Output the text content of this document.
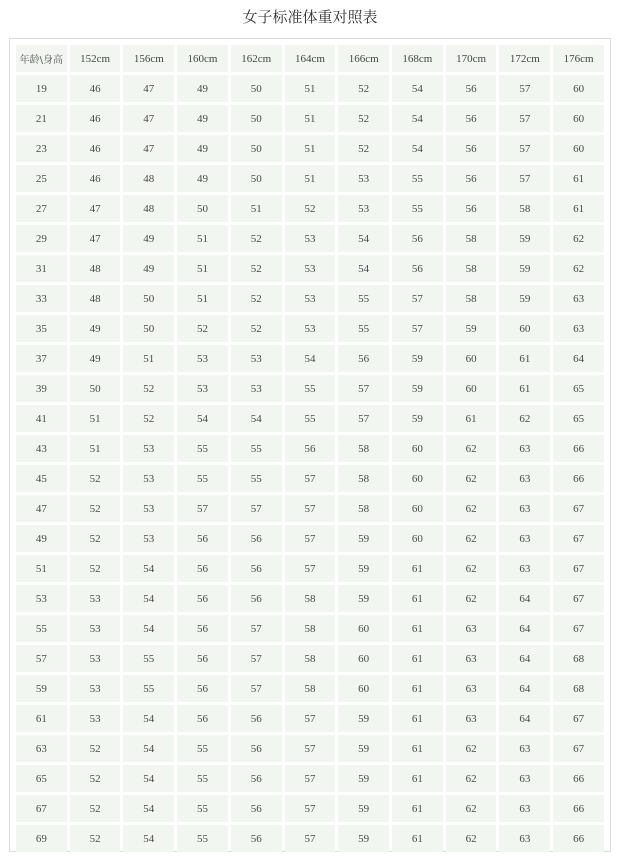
女子标准体重对照表
年龄\身高	152cm	156cm	160cm	162cm	164cm	166cm	168cm	170cm	172cm	176cm
19	46	47	49	50	51	52	54	56	57	60
21	46	47	49	50	51	52	54	56	57	60
23	46	47	49	50	51	52	54	56	57	60
25	46	48	49	50	51	53	55	56	57	61
27	47	48	50	51	52	53	55	56	58	61
29	47	49	51	52	53	54	56	58	59	62
31	48	49	51	52	53	54	56	58	59	62
33	48	50	51	52	53	55	57	58	59	63
35	49	50	52	52	53	55	57	59	60	63
37	49	51	53	53	54	56	59	60	61	64
39	50	52	53	53	55	57	59	60	61	65
41	51	52	54	54	55	57	59	61	62	65
43	51	53	55	55	56	58	60	62	63	66
45	52	53	55	55	57	58	60	62	63	66
47	52	53	57	57	57	58	60	62	63	67
49	52	53	56	56	57	59	60	62	63	67
51	52	54	56	56	57	59	61	62	63	67
53	53	54	56	56	58	59	61	62	64	67
55	53	54	56	57	58	60	61	63	64	67
57	53	55	56	57	58	60	61	63	64	68
59	53	55	56	57	58	60	61	63	64	68
61	53	54	56	56	57	59	61	63	64	67
63	52	54	55	56	57	59	61	62	63	67
65	52	54	55	56	57	59	61	62	63	66
67	52	54	55	56	57	59	61	62	63	66
69	52	54	55	56	57	59	61	62	63	66
